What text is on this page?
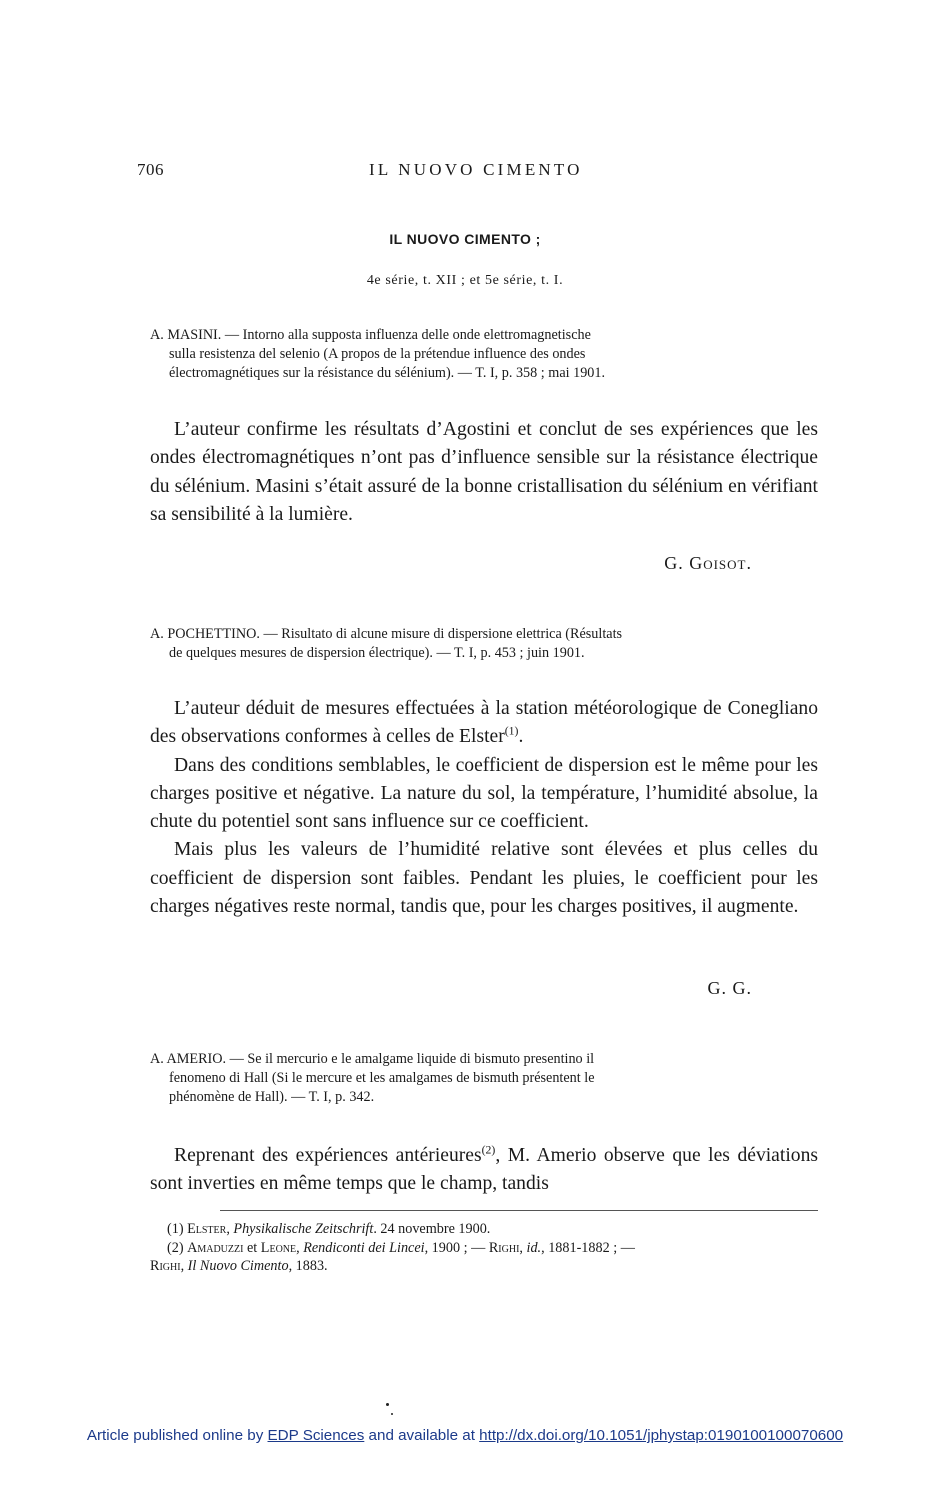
706	IL NUOVO CIMENTO
IL NUOVO CIMENTO ;
4e série, t. XII ; et 5e série, t. I.
A. MASINI. — Intorno alla supposta influenza delle onde elettromagnetische
sulla resistenza del selenio (A propos de la prétendue influence des ondes
électromagnétiques sur la résistance du sélénium). — T. I, p. 358 ; mai 1901.

L’auteur confirme les résultats d’Agostini et conclut de ses expériences que les ondes électromagnétiques n’ont pas d’influence sensible sur la résistance électrique du sélénium. Masini s’était assuré de la bonne cristallisation du sélénium en vérifiant sa sensibilité à la lumière.

G. Goisot.
A. POCHETTINO. — Risultato di alcune misure di dispersione elettrica (Résultats
de quelques mesures de dispersion électrique). — T. I, p. 453 ; juin 1901.

L’auteur déduit de mesures effectuées à la station météorologique de Conegliano des observations conformes à celles de Elster$^{(1)}$.

Dans des conditions semblables, le coefficient de dispersion est le même pour les charges positive et négative. La nature du sol, la température, l’humidité absolue, la chute du potentiel sont sans influence sur ce coefficient.

Mais plus les valeurs de l’humidité relative sont élevées et plus celles du coefficient de dispersion sont faibles. Pendant les pluies, le coefficient pour les charges négatives reste normal, tandis que, pour les charges positives, il augmente.

G. G.
A. AMERIO. — Se il mercurio e le amalgame liquide di bismuto presentino il
fenomeno di Hall (Si le mercure et les amalgames de bismuth présentent le
phénomène de Hall). — T. I, p. 342.

Reprenant des expériences antérieures$^{(2)}$, M. Amerio observe que les déviations sont inverties en même temps que le champ, tandis

(1) Elster, Physikalische Zeitschrift. 24 novembre 1900.
(2) Amaduzzi et Leone, Rendiconti dei Lincei, 1900 ; — Righi, id., 1881-1882 ; —
Righi, Il Nuovo Cimento, 1883.
Article published online by EDP Sciences and available at http://dx.doi.org/10.1051/jphystap:0190100100070600
